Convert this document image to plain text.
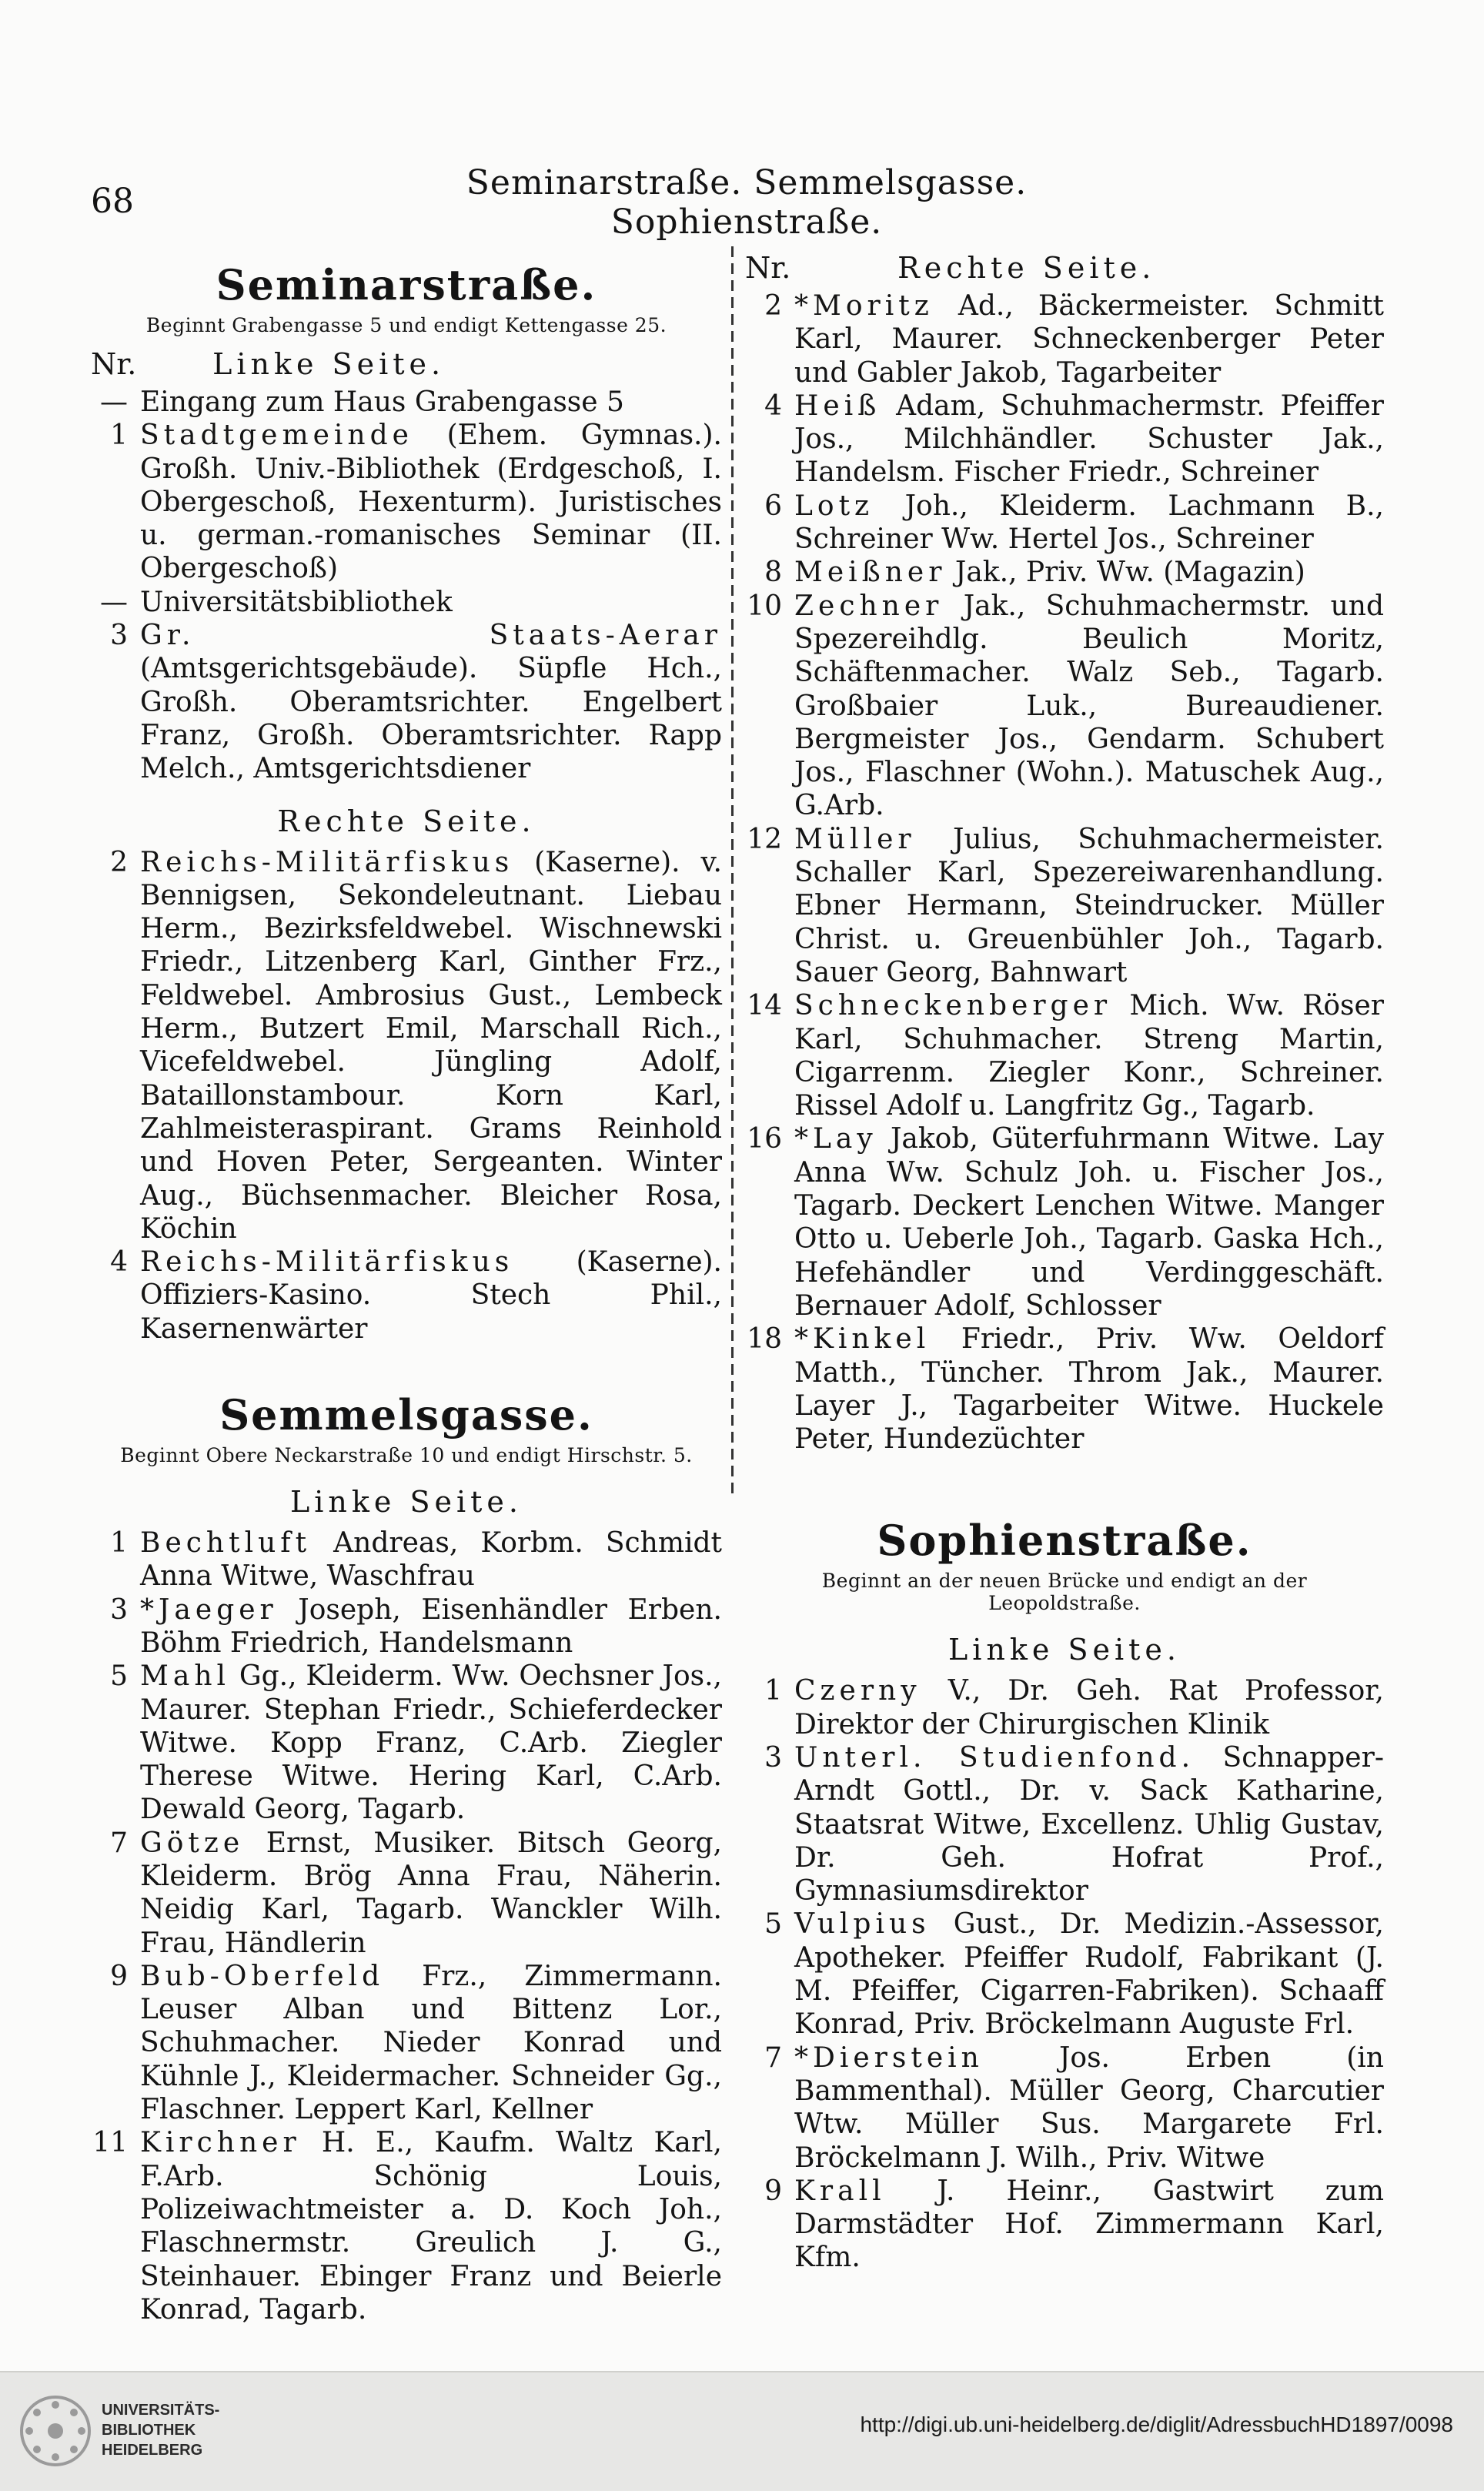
68	Seminarstraße. Semmelsgasse. Sophienstraße.
Seminarstraße.
Beginnt Grabengasse 5 und endigt Kettengasse 25.
Nr.	Linke Seite.
— Eingang zum Haus Grabengasse 5
1 Stadtgemeinde (Ehem. Gymnas.). Großh. Univ.-Bibliothek (Erdgeschoß, I. Obergeschoß, Hexenturm). Juristisches u. german.-romanisches Seminar (II. Obergeschoß)
— Universitätsbibliothek
3 Gr. Staats-Aerar (Amtsgerichtsgebäude). Süpfle Hch., Großh. Oberamtsrichter. Engelbert Franz, Großh. Oberamtsrichter. Rapp Melch., Amtsgerichtsdiener
Rechte Seite.
2 Reichs-Militärfiskus (Kaserne). v. Bennigsen, Sekondeleutnant. Liebau Herm., Bezirksfeldwebel. Wischnewski Friedr., Litzenberg Karl, Ginther Frz., Feldwebel. Ambrosius Gust., Lembeck Herm., Butzert Emil, Marschall Rich., Vicefeldwebel. Jüngling Adolf, Bataillonstambour. Korn Karl, Zahlmeisteraspirant. Grams Reinhold und Hoven Peter, Sergeanten. Winter Aug., Büchsenmacher. Bleicher Rosa, Köchin
4 Reichs-Militärfiskus (Kaserne). Offiziers-Kasino. Stech Phil., Kasernenwärter
Semmelsgasse.
Beginnt Obere Neckarstraße 10 und endigt Hirschstr. 5.
Linke Seite.
1 Bechtluft Andreas, Korbm. Schmidt Anna Witwe, Waschfrau
3 *Jaeger Joseph, Eisenhändler Erben. Böhm Friedrich, Handelsmann
5 Mahl Gg., Kleiderm. Ww. Oechsner Jos., Maurer. Stephan Friedr., Schieferdecker Witwe. Kopp Franz, C.Arb. Ziegler Therese Witwe. Hering Karl, C.Arb. Dewald Georg, Tagarb.
7 Götze Ernst, Musiker. Bitsch Georg, Kleiderm. Brög Anna Frau, Näherin. Neidig Karl, Tagarb. Wanckler Wilh. Frau, Händlerin
9 Bub-Oberfeld Frz., Zimmermann. Leuser Alban und Bittenz Lor., Schuhmacher. Nieder Konrad und Kühnle J., Kleidermacher. Schneider Gg., Flaschner. Leppert Karl, Kellner
11 Kirchner H. E., Kaufm. Waltz Karl, F.Arb. Schönig Louis, Polizeiwachtmeister a. D. Koch Joh., Flaschnermstr. Greulich J. G., Steinhauer. Ebinger Franz und Beierle Konrad, Tagarb.
Nr.	Rechte Seite.
2 *Moritz Ad., Bäckermeister. Schmitt Karl, Maurer. Schneckenberger Peter und Gabler Jakob, Tagarbeiter
4 Heiß Adam, Schuhmachermstr. Pfeiffer Jos., Milchhändler. Schuster Jak., Handelsm. Fischer Friedr., Schreiner
6 Lotz Joh., Kleiderm. Lachmann B., Schreiner Ww. Hertel Jos., Schreiner
8 Meißner Jak., Priv. Ww. (Magazin)
10 Zechner Jak., Schuhmachermstr. und Spezereihdlg. Beulich Moritz, Schäftenmacher. Walz Seb., Tagarb. Großbaier Luk., Bureaudiener. Bergmeister Jos., Gendarm. Schubert Jos., Flaschner (Wohn.). Matuschek Aug., G.Arb.
12 Müller Julius, Schuhmachermeister. Schaller Karl, Spezereiwarenhandlung. Ebner Hermann, Steindrucker. Müller Christ. u. Greuenbühler Joh., Tagarb. Sauer Georg, Bahnwart
14 Schneckenberger Mich. Ww. Röser Karl, Schuhmacher. Streng Martin, Cigarrenm. Ziegler Konr., Schreiner. Rissel Adolf u. Langfritz Gg., Tagarb.
16 *Lay Jakob, Güterfuhrmann Witwe. Lay Anna Ww. Schulz Joh. u. Fischer Jos., Tagarb. Deckert Lenchen Witwe. Manger Otto u. Ueberle Joh., Tagarb. Gaska Hch., Hefehändler und Verdinggeschäft. Bernauer Adolf, Schlosser
18 *Kinkel Friedr., Priv. Ww. Oeldorf Matth., Tüncher. Throm Jak., Maurer. Layer J., Tagarbeiter Witwe. Huckele Peter, Hundezüchter
Sophienstraße.
Beginnt an der neuen Brücke und endigt an der Leopoldstraße.
Linke Seite.
1 Czerny V., Dr. Geh. Rat Professor, Direktor der Chirurgischen Klinik
3 Unterl. Studienfond. Schnapper-Arndt Gottl., Dr. v. Sack Katharine, Staatsrat Witwe, Excellenz. Uhlig Gustav, Dr. Geh. Hofrat Prof., Gymnasiumsdirektor
5 Vulpius Gust., Dr. Medizin.-Assessor, Apotheker. Pfeiffer Rudolf, Fabrikant (J. M. Pfeiffer, Cigarren-Fabriken). Schaaff Konrad, Priv. Bröckelmann Auguste Frl.
7 *Dierstein Jos. Erben (in Bammenthal). Müller Georg, Charcutier Wtw. Müller Sus. Margarete Frl. Bröckelmann J. Wilh., Priv. Witwe
9 Krall J. Heinr., Gastwirt zum Darmstädter Hof. Zimmermann Karl, Kfm.
UNIVERSITÄTS-
BIBLIOTHEK
HEIDELBERG
http://digi.ub.uni-heidelberg.de/diglit/AdressbuchHD1897/0098
